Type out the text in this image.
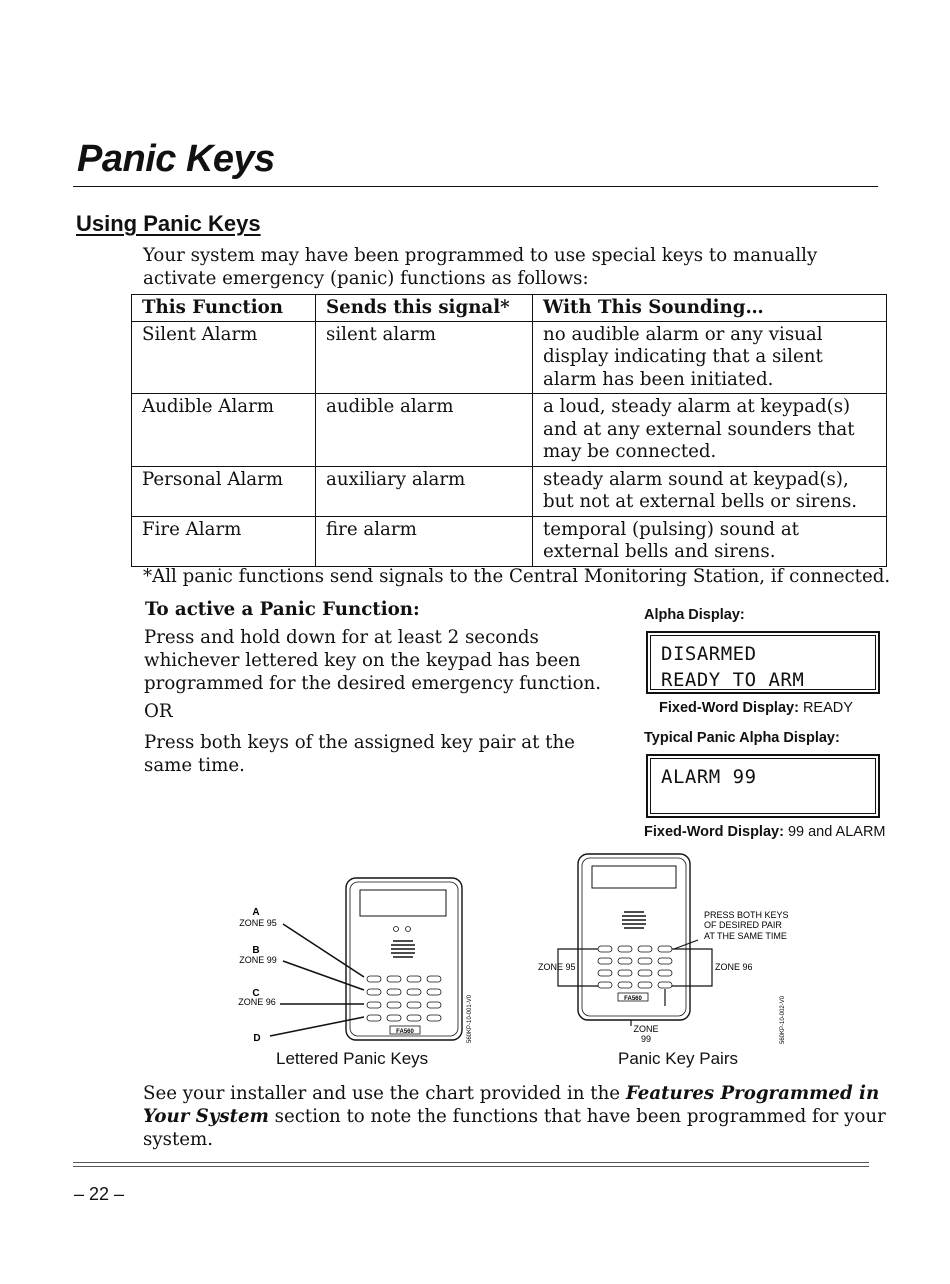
Panic Keys
Using Panic Keys
Your system may have been programmed to use special keys to manually activate emergency (panic) functions as follows:
This Function	Sends this signal*	With This Sounding…
Silent Alarm	silent alarm	no audible alarm or any visual display indicating that a silent alarm has been initiated.
Audible Alarm	audible alarm	a loud, steady alarm at keypad(s) and at any external sounders that may be connected.
Personal Alarm	auxiliary alarm	steady alarm sound at keypad(s), but not at external bells or sirens.
Fire Alarm	fire alarm	temporal (pulsing) sound at external bells and sirens.
*All panic functions send signals to the Central Monitoring Station, if connected.
To active a Panic Function:
Press and hold down for at least 2 seconds whichever lettered key on the keypad has been programmed for the desired emergency function.
OR
Press both keys of the assigned key pair at the same time.
Alpha Display:
DISARMED
READY TO ARM
Fixed-Word Display: READY
Typical Panic Alpha Display:
ALARM 99
Fixed-Word Display: 99 and ALARM
FA560
A
ZONE 95
B
ZONE 99
C
ZONE 96
D	560KP-10-001-V0	FA560
PRESS BOTH KEYS
OF DESIRED PAIR
AT THE SAME TIME
ZONE 95	ZONE 96
ZONE
99	560KP-10-002-V0
Lettered Panic Keys	Panic Key Pairs
See your installer and use the chart provided in the Features Programmed in Your System section to note the functions that have been programmed for your system.
– 22 –
